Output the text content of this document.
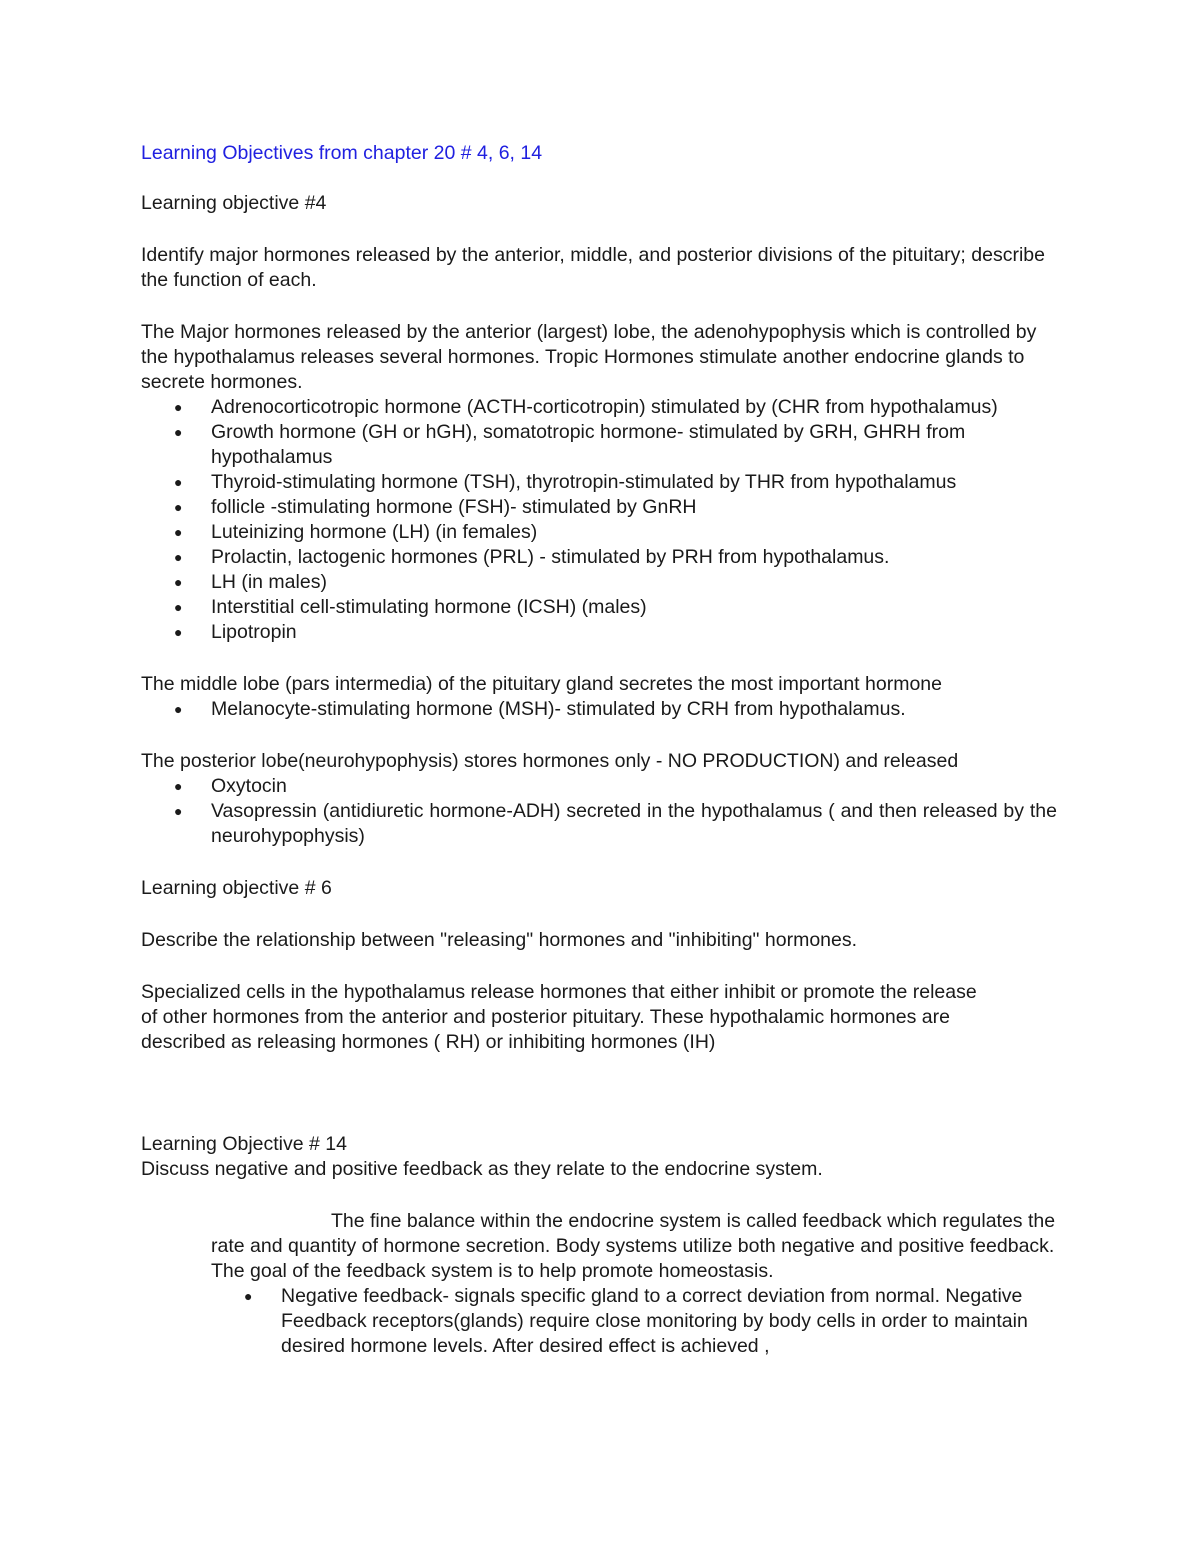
Learning Objectives from chapter 20 # 4, 6, 14

Learning objective #4

Identify major hormones released by the anterior, middle, and posterior divisions of the pituitary; describe the function of each.

The Major hormones released by the anterior (largest) lobe, the adenohypophysis which is controlled by the hypothalamus releases several hormones. Tropic Hormones stimulate another endocrine glands to secrete hormones.

● Adrenocorticotropic hormone (ACTH-corticotropin) stimulated by (CHR from hypothalamus)
● Growth hormone (GH or hGH), somatotropic hormone- stimulated by GRH, GHRH from hypothalamus
● Thyroid-stimulating hormone (TSH), thyrotropin-stimulated by THR from hypothalamus
● follicle -stimulating hormone (FSH)- stimulated by GnRH
● Luteinizing hormone (LH) (in females)
● Prolactin, lactogenic hormones (PRL) - stimulated by PRH from hypothalamus.
● LH (in males)
● Interstitial cell-stimulating hormone (ICSH) (males)
● Lipotropin

The middle lobe (pars intermedia) of the pituitary gland secretes the most important hormone

● Melanocyte-stimulating hormone (MSH)- stimulated by CRH from hypothalamus.

The posterior lobe(neurohypophysis) stores hormones only - NO PRODUCTION) and released

● Oxytocin
● Vasopressin (antidiuretic hormone-ADH) secreted in the hypothalamus ( and then released by the neurohypophysis)

Learning objective # 6

Describe the relationship between "releasing" hormones and "inhibiting" hormones.

Specialized cells in the hypothalamus release hormones that either inhibit or promote the release of other hormones from the anterior and posterior pituitary. These hypothalamic hormones are described as releasing hormones ( RH) or inhibiting hormones (IH)

Learning Objective # 14

Discuss negative and positive feedback as they relate to the endocrine system.

The fine balance within the endocrine system is called feedback which regulates the rate and quantity of hormone secretion. Body systems utilize both negative and positive feedback. The goal of the feedback system is to help promote homeostasis.

● Negative feedback- signals specific gland to a correct deviation from normal. Negative Feedback receptors(glands) require close monitoring by body cells in order to maintain desired hormone levels. After desired effect is achieved ,
